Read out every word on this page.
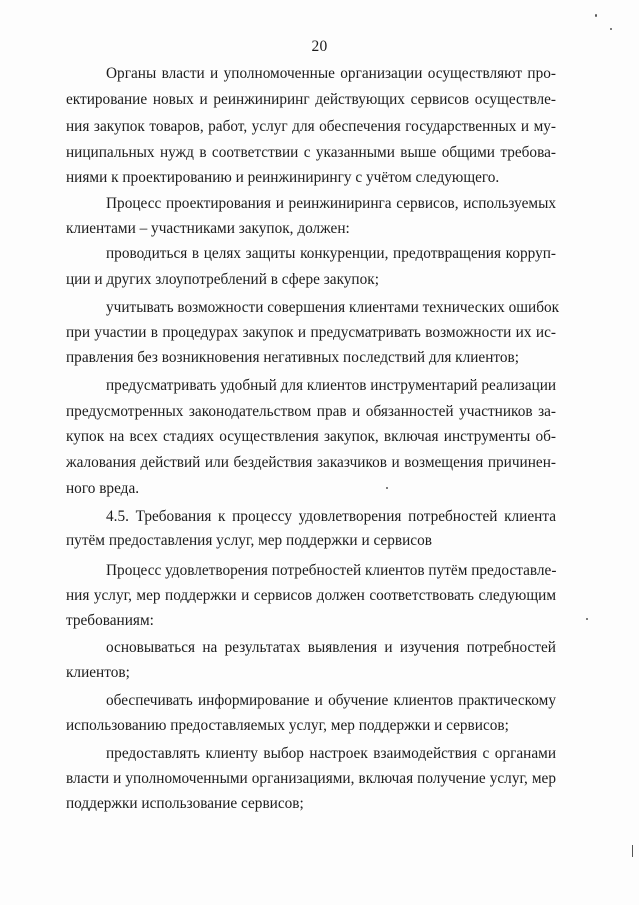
20
Органы власти и уполномоченные организации осуществляют про-
ектирование новых и реинжиниринг действующих сервисов осуществле-
ния закупок товаров, работ, услуг для обеспечения государственных и му-
ниципальных нужд в соответствии с указанными выше общими требова-
ниями к проектированию и реинжинирингу с учётом следующего.
Процесс проектирования и реинжиниринга сервисов, используемых
клиентами – участниками закупок, должен:
проводиться в целях защиты конкуренции, предотвращения корруп-
ции и других злоупотреблений в сфере закупок;
учитывать возможности совершения клиентами технических ошибок
при участии в процедурах закупок и предусматривать возможности их ис-
правления без возникновения негативных последствий для клиентов;
предусматривать удобный для клиентов инструментарий реализации
предусмотренных законодательством прав и обязанностей участников за-
купок на всех стадиях осуществления закупок, включая инструменты об-
жалования действий или бездействия заказчиков и возмещения причинен-
ного вреда.
4.5. Требования к процессу удовлетворения потребностей клиента
путём предоставления услуг, мер поддержки и сервисов
Процесс удовлетворения потребностей клиентов путём предоставле-
ния услуг, мер поддержки и сервисов должен соответствовать следующим
требованиям:
основываться на результатах выявления и изучения потребностей
клиентов;
обеспечивать информирование и обучение клиентов практическому
использованию предоставляемых услуг, мер поддержки и сервисов;
предоставлять клиенту выбор настроек взаимодействия с органами
власти и уполномоченными организациями, включая получение услуг, мер
поддержки использование сервисов;
